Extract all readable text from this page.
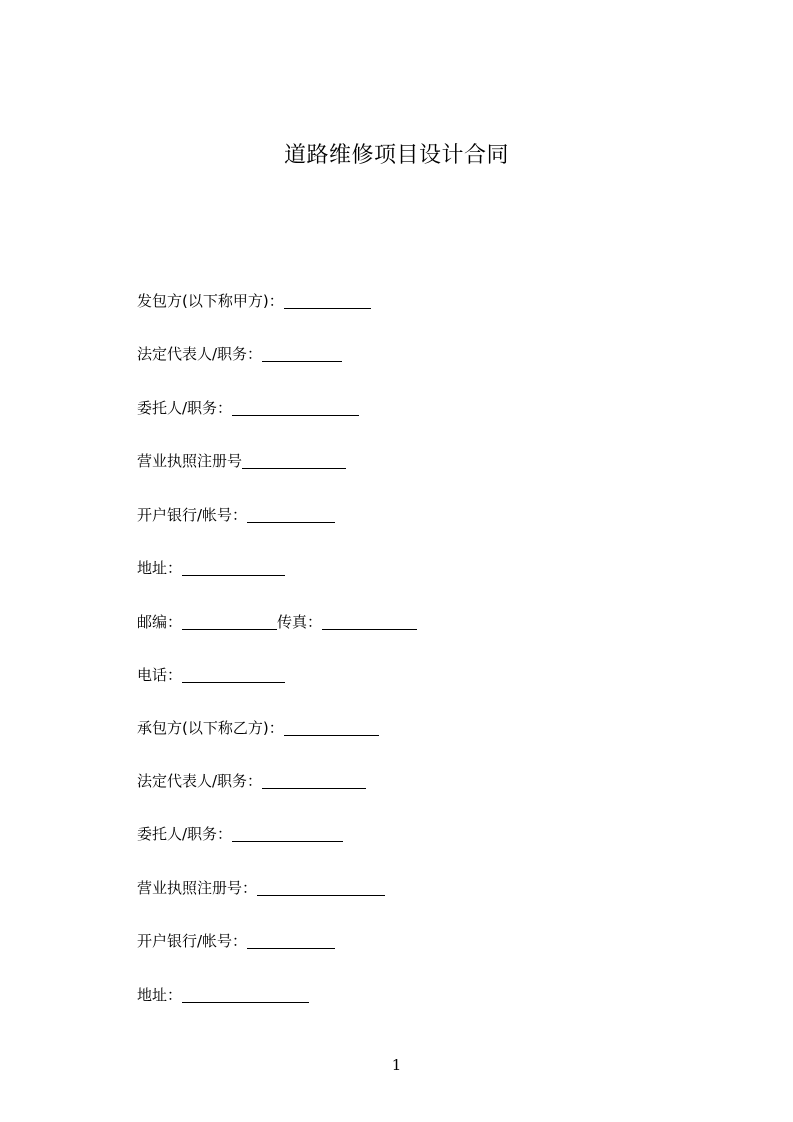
道路维修项目设计合同
发包方(以下称甲方)：
法定代表人/职务：
委托人/职务：
营业执照注册号
开户银行/帐号：
地址：
邮编：	传真：
电话：
承包方(以下称乙方)：
法定代表人/职务：
委托人/职务：
营业执照注册号：
开户银行/帐号：
地址：
1
